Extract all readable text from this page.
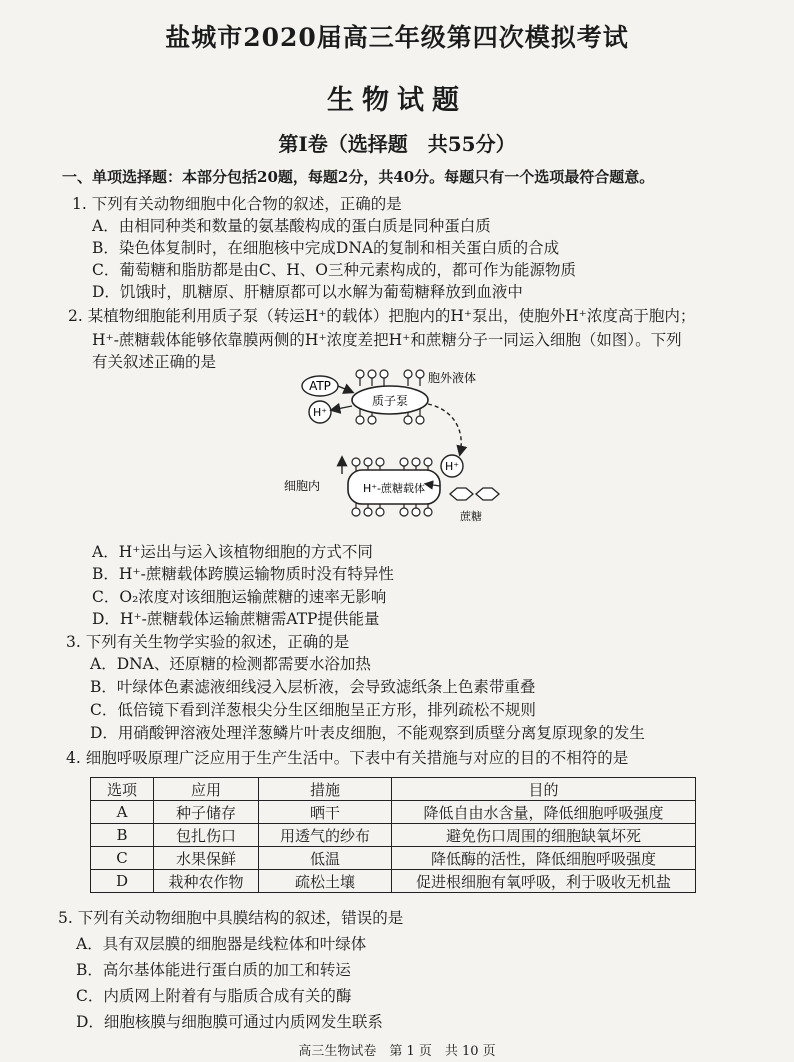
盐城市2020届高三年级第四次模拟考试
生物试题
第Ⅰ卷（选择题　共55分）
一、单项选择题：本部分包括20题，每题2分，共40分。每题只有一个选项最符合题意。
1. 下列有关动物细胞中化合物的叙述，正确的是
A．由相同种类和数量的氨基酸构成的蛋白质是同种蛋白质
B．染色体复制时，在细胞核中完成DNA的复制和相关蛋白质的合成
C．葡萄糖和脂肪都是由C、H、O三种元素构成的，都可作为能源物质
D．饥饿时，肌糖原、肝糖原都可以水解为葡萄糖释放到血液中
2. 某植物细胞能利用质子泵（转运H⁺的载体）把胞内的H⁺泵出，使胞外H⁺浓度高于胞内；
H⁺-蔗糖载体能够依靠膜两侧的H⁺浓度差把H⁺和蔗糖分子一同运入细胞（如图）。下列
有关叙述正确的是
质子泵
ATP
H⁺
胞外液体
H⁺-蔗糖载体
H⁺
蔗糖
细胞内
A．H⁺运出与运入该植物细胞的方式不同
B．H⁺-蔗糖载体跨膜运输物质时没有特异性
C．O₂浓度对该细胞运输蔗糖的速率无影响
D．H⁺-蔗糖载体运输蔗糖需ATP提供能量
3. 下列有关生物学实验的叙述，正确的是
A．DNA、还原糖的检测都需要水浴加热
B．叶绿体色素滤液细线浸入层析液，会导致滤纸条上色素带重叠
C．低倍镜下看到洋葱根尖分生区细胞呈正方形，排列疏松不规则
D．用硝酸钾溶液处理洋葱鳞片叶表皮细胞，不能观察到质壁分离复原现象的发生
4. 细胞呼吸原理广泛应用于生产生活中。下表中有关措施与对应的目的不相符的是
选项	应用	措施	目的
A	种子储存	晒干	降低自由水含量，降低细胞呼吸强度
B	包扎伤口	用透气的纱布	避免伤口周围的细胞缺氧坏死
C	水果保鲜	低温	降低酶的活性，降低细胞呼吸强度
D	栽种农作物	疏松土壤	促进根细胞有氧呼吸，利于吸收无机盐
5. 下列有关动物细胞中具膜结构的叙述，错误的是
A．具有双层膜的细胞器是线粒体和叶绿体
B．高尔基体能进行蛋白质的加工和转运
C．内质网上附着有与脂质合成有关的酶
D．细胞核膜与细胞膜可通过内质网发生联系
高三生物试卷　第 1 页　共 10 页
